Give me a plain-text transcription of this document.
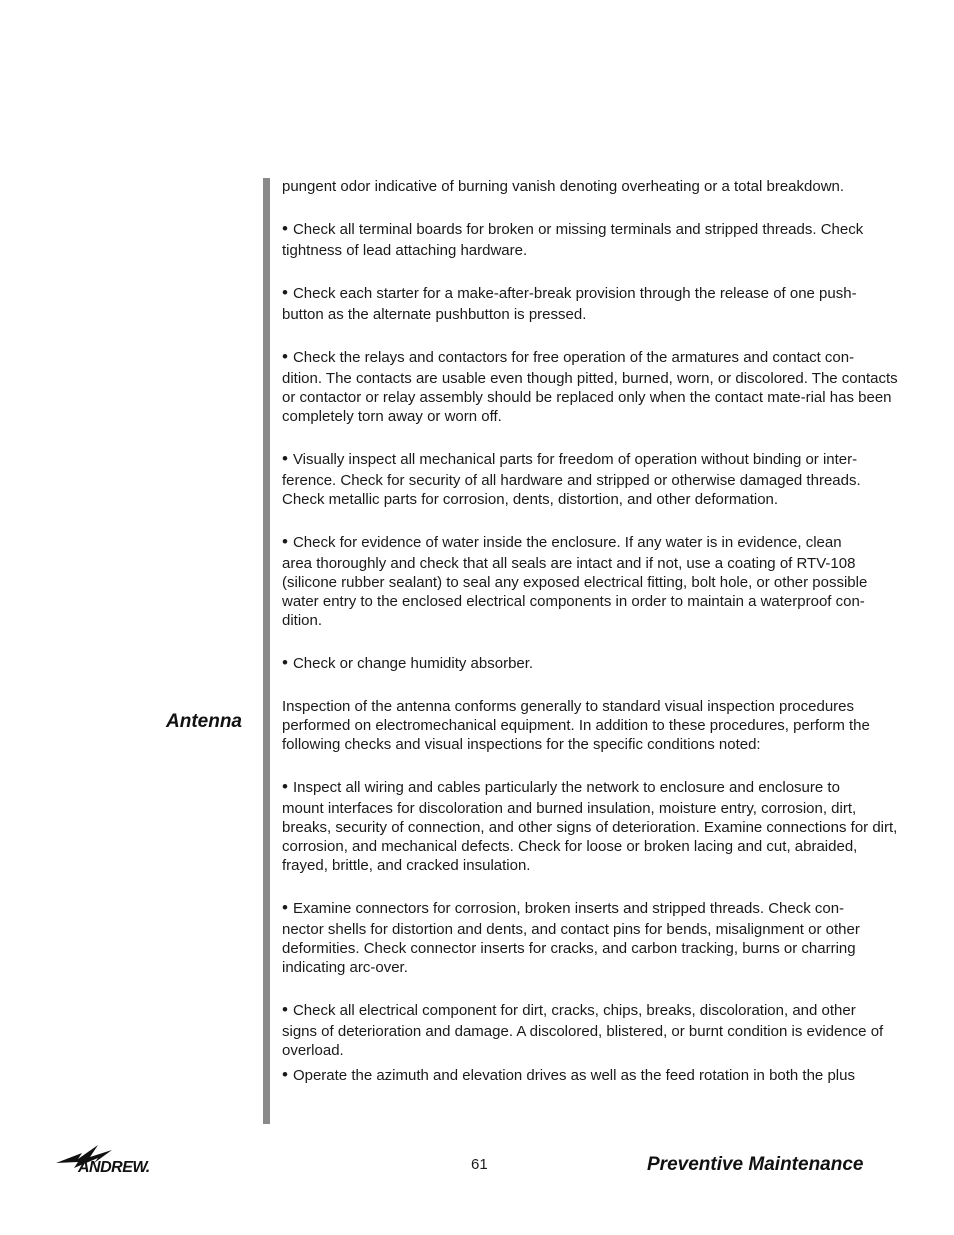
Antenna

pungent odor indicative of burning vanish denoting overheating or a total breakdown.

• Check all terminal boards for broken or missing terminals and stripped threads. Check
tightness of lead attaching hardware.

• Check each starter for a make-after-break provision through the release of one push-
button as the alternate pushbutton is pressed.

• Check the relays and contactors for free operation of the armatures and contact con-
dition. The contacts are usable even though pitted, burned, worn, or discolored. The contacts or contactor or relay assembly should be replaced only when the contact mate-rial has been completely torn away or worn off.

• Visually inspect all mechanical parts for freedom of operation without binding or inter-
ference. Check for security of all hardware and stripped or otherwise damaged threads. Check metallic parts for corrosion, dents, distortion, and other deformation.

• Check for evidence of water inside the enclosure. If any water is in evidence, clean
area thoroughly and check that all seals are intact and if not, use a coating of RTV-108 (silicone rubber sealant) to seal any exposed electrical fitting, bolt hole, or other possible water entry to the enclosed electrical components in order to maintain a waterproof con-dition.

• Check or change humidity absorber.

Inspection of the antenna conforms generally to standard visual inspection procedures performed on electromechanical equipment. In addition to these procedures, perform the following checks and visual inspections for the specific conditions noted:

• Inspect all wiring and cables particularly the network to enclosure and enclosure to
mount interfaces for discoloration and burned insulation, moisture entry, corrosion, dirt, breaks, security of connection, and other signs of deterioration. Examine connections for dirt, corrosion, and mechanical defects. Check for loose or broken lacing and cut, abraided, frayed, brittle, and cracked insulation.

• Examine connectors for corrosion, broken inserts and stripped threads. Check con-
nector shells for distortion and dents, and contact pins for bends, misalignment or other deformities. Check connector inserts for cracks, and carbon tracking, burns or charring indicating arc-over.

• Check all electrical component for dirt, cracks, chips, breaks, discoloration, and other
signs of deterioration and damage. A discolored, blistered, or burnt condition is evidence of overload.

• Operate the azimuth and elevation drives as well as the feed rotation in both the plus

ANDREW.	61	Preventive Maintenance
